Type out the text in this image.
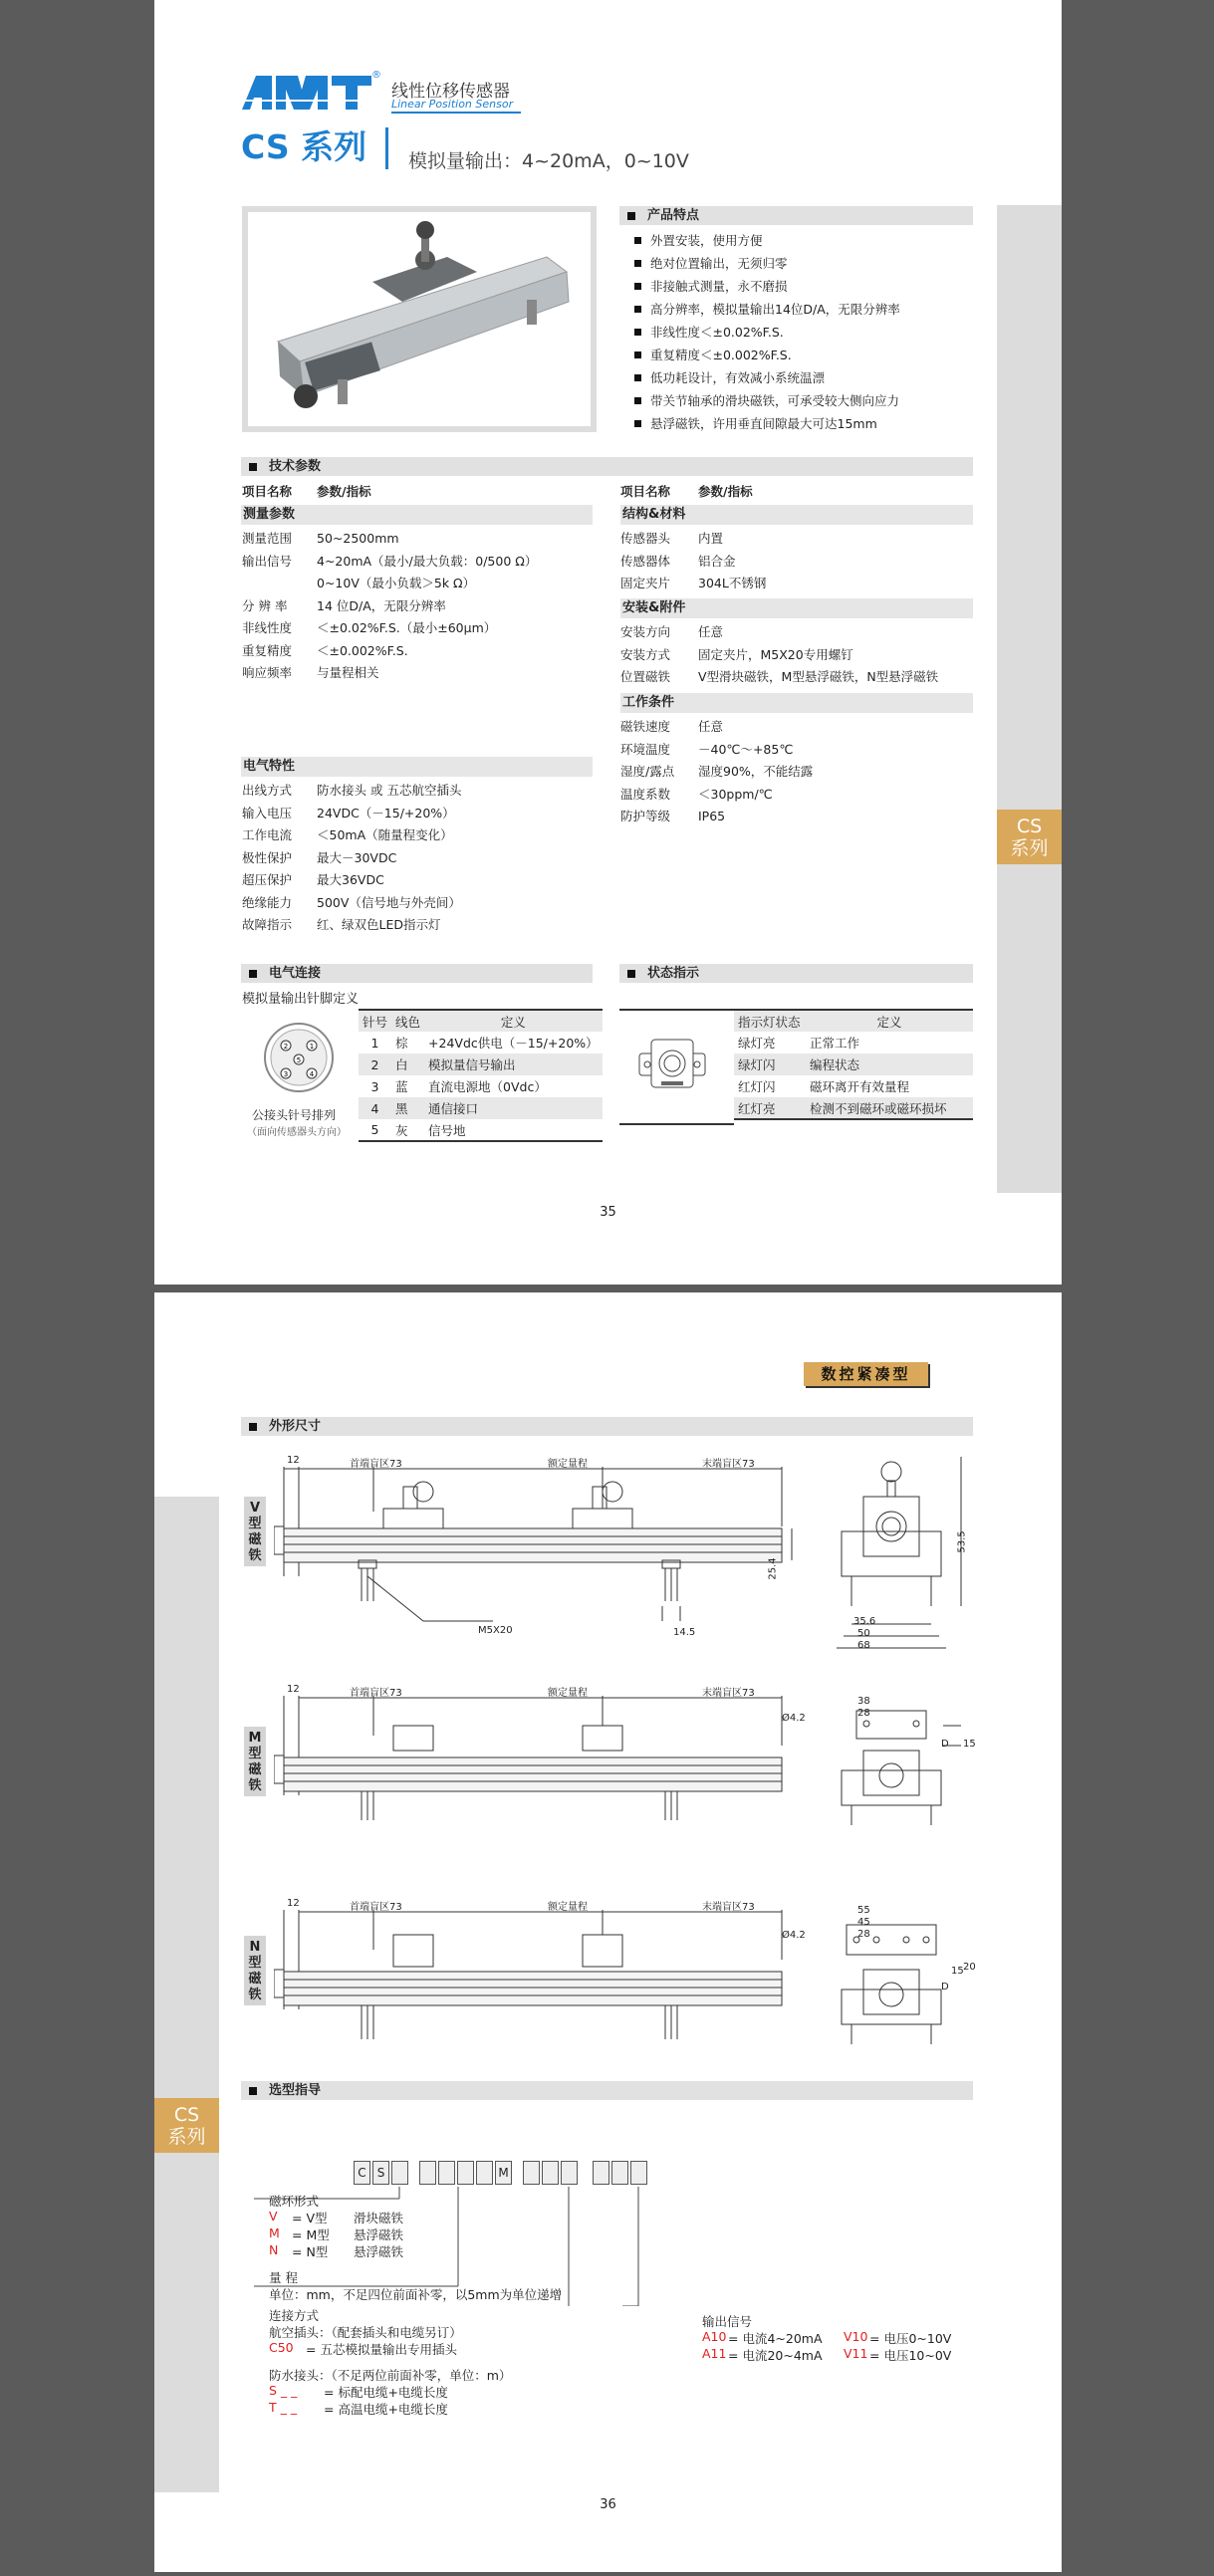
®
线性位移传感器
Linear Position Sensor
CS 系列 模拟量输出：4~20mA，0~10V
产品特点
外置安装，使用方便
绝对位置输出，无须归零
非接触式测量，永不磨损
高分辨率，模拟量输出14位D/A，无限分辨率
非线性度＜±0.02%F.S.
重复精度＜±0.002%F.S.
低功耗设计，有效减小系统温漂
带关节轴承的滑块磁铁，可承受较大侧向应力
悬浮磁铁，许用垂直间隙最大可达15mm
技术参数
项目名称 参数/指标	项目名称 参数/指标
测量参数
测量范围 50~2500mm
输出信号 4~20mA（最小/最大负载：0/500 Ω）
0~10V（最小负载＞5k Ω）
分 辨 率 14 位D/A，无限分辨率
非线性度 ＜±0.02%F.S.（最小±60μm）
重复精度 ＜±0.002%F.S.
响应频率 与量程相关
结构&材料
传感器头 内置
传感器体 铝合金
固定夹片 304L不锈钢
安装&附件
安装方向 任意
安装方式 固定夹片，M5X20专用螺钉
位置磁铁 V型滑块磁铁，M型悬浮磁铁，N型悬浮磁铁
工作条件
磁铁速度 任意
环境温度 －40℃～+85℃
湿度/露点 湿度90%，不能结露
温度系数 ＜30ppm/℃
防护等级 IP65
电气特性
出线方式 防水接头 或 五芯航空插头
输入电压 24VDC（－15/+20%）
工作电流 ＜50mA（随量程变化）
极性保护 最大－30VDC
超压保护 最大36VDC
绝缘能力 500V（信号地与外壳间）
故障指示 红、绿双色LED指示灯
电气连接
模拟量输出针脚定义
2	1
5
3	4
公接头针号排列
（面向传感器头方向）
针号	线色	定义
1	棕	+24Vdc供电（－15/+20%）
2	白	模拟量信号输出
3	蓝	直流电源地（0Vdc）
4	黑	通信接口
5	灰	信号地
状态指示
指示灯状态	定义
绿灯亮	正常工作
绿灯闪	编程状态
红灯闪	磁环离开有效量程
红灯亮	检测不到磁环或磁环损坏
CS
系列
35
数控紧凑型
外形尺寸
CS
系列
V型磁铁
M型磁铁
N型磁铁
12	首端盲区73	额定量程	末端盲区73
M5X20	14.5
25.4
53.5
35.6
50
68
12	首端盲区73	额定量程	末端盲区73
Ø4.2
38
28
D 15
12	首端盲区73	额定量程	末端盲区73	55
45
28
Ø4.2
D
15 20
选型指导
C S	M
磁环形式
V = V型 滑块磁铁
M = M型 悬浮磁铁
N = N型 悬浮磁铁
量 程
单位：mm，不足四位前面补零，以5mm为单位递增
连接方式
航空插头：（配套插头和电缆另订）
C50 = 五芯模拟量输出专用插头
防水接头：（不足两位前面补零，单位：m）
S _ _ = 标配电缆+电缆长度
T _ _ = 高温电缆+电缆长度
输出信号
A10 = 电流4~20mA V10 = 电压0~10V
A11 = 电流20~4mA V11 = 电压10~0V
36
